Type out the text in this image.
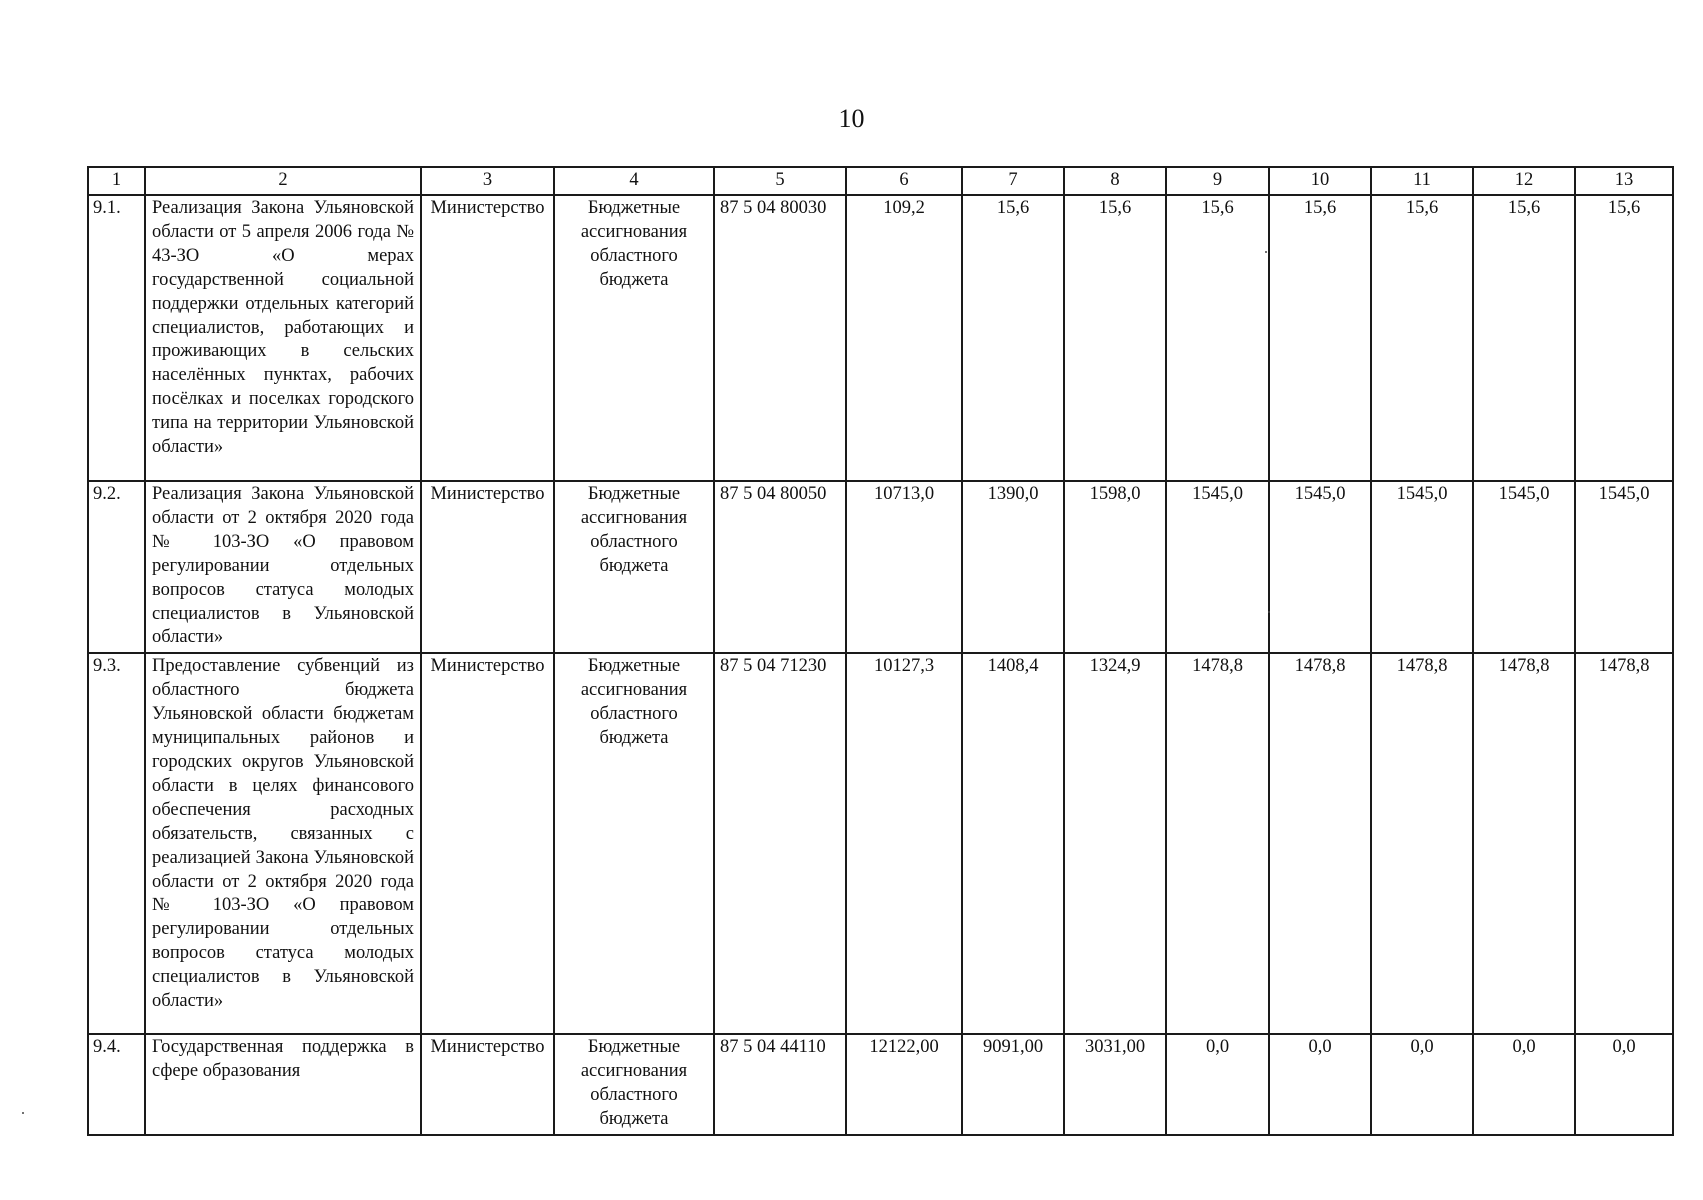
10
1	2	3	4	5	6	7	8	9	10	11	12	13
9.1.	Реализация Закона Ульяновской области от 5 апреля 2006 года № 43-ЗО «О мерах государственной социальной поддержки отдельных категорий специалистов, работающих и проживающих в сельских населённых пунктах, рабочих посёлках и поселках городского типа на территории Ульяновской области»	Министерство	Бюджетные ассигнования областного бюджета	87 5 04 80030	109,2	15,6	15,6	15,6	15,6	15,6	15,6	15,6
9.2.	Реализация Закона Ульяновской области от 2 октября 2020 года № 103-ЗО «О правовом регулировании отдельных вопросов статуса молодых специалистов в Ульяновской области»	Министерство	Бюджетные ассигнования областного бюджета	87 5 04 80050	10713,0	1390,0	1598,0	1545,0	1545,0	1545,0	1545,0	1545,0
9.3.	Предоставление субвенций из областного бюджета Ульяновской области бюджетам муниципальных районов и городских округов Ульяновской области в целях финансового обеспечения расходных обязательств, связанных с реализацией Закона Ульяновской области от 2 октября 2020 года № 103-ЗО «О правовом регулировании отдельных вопросов статуса молодых специалистов в Ульяновской области»	Министерство	Бюджетные ассигнования областного бюджета	87 5 04 71230	10127,3	1408,4	1324,9	1478,8	1478,8	1478,8	1478,8	1478,8
9.4.	Государственная поддержка в сфере образования	Министерство	Бюджетные ассигнования областного бюджета	87 5 04 44110	12122,00	9091,00	3031,00	0,0	0,0	0,0	0,0	0,0
